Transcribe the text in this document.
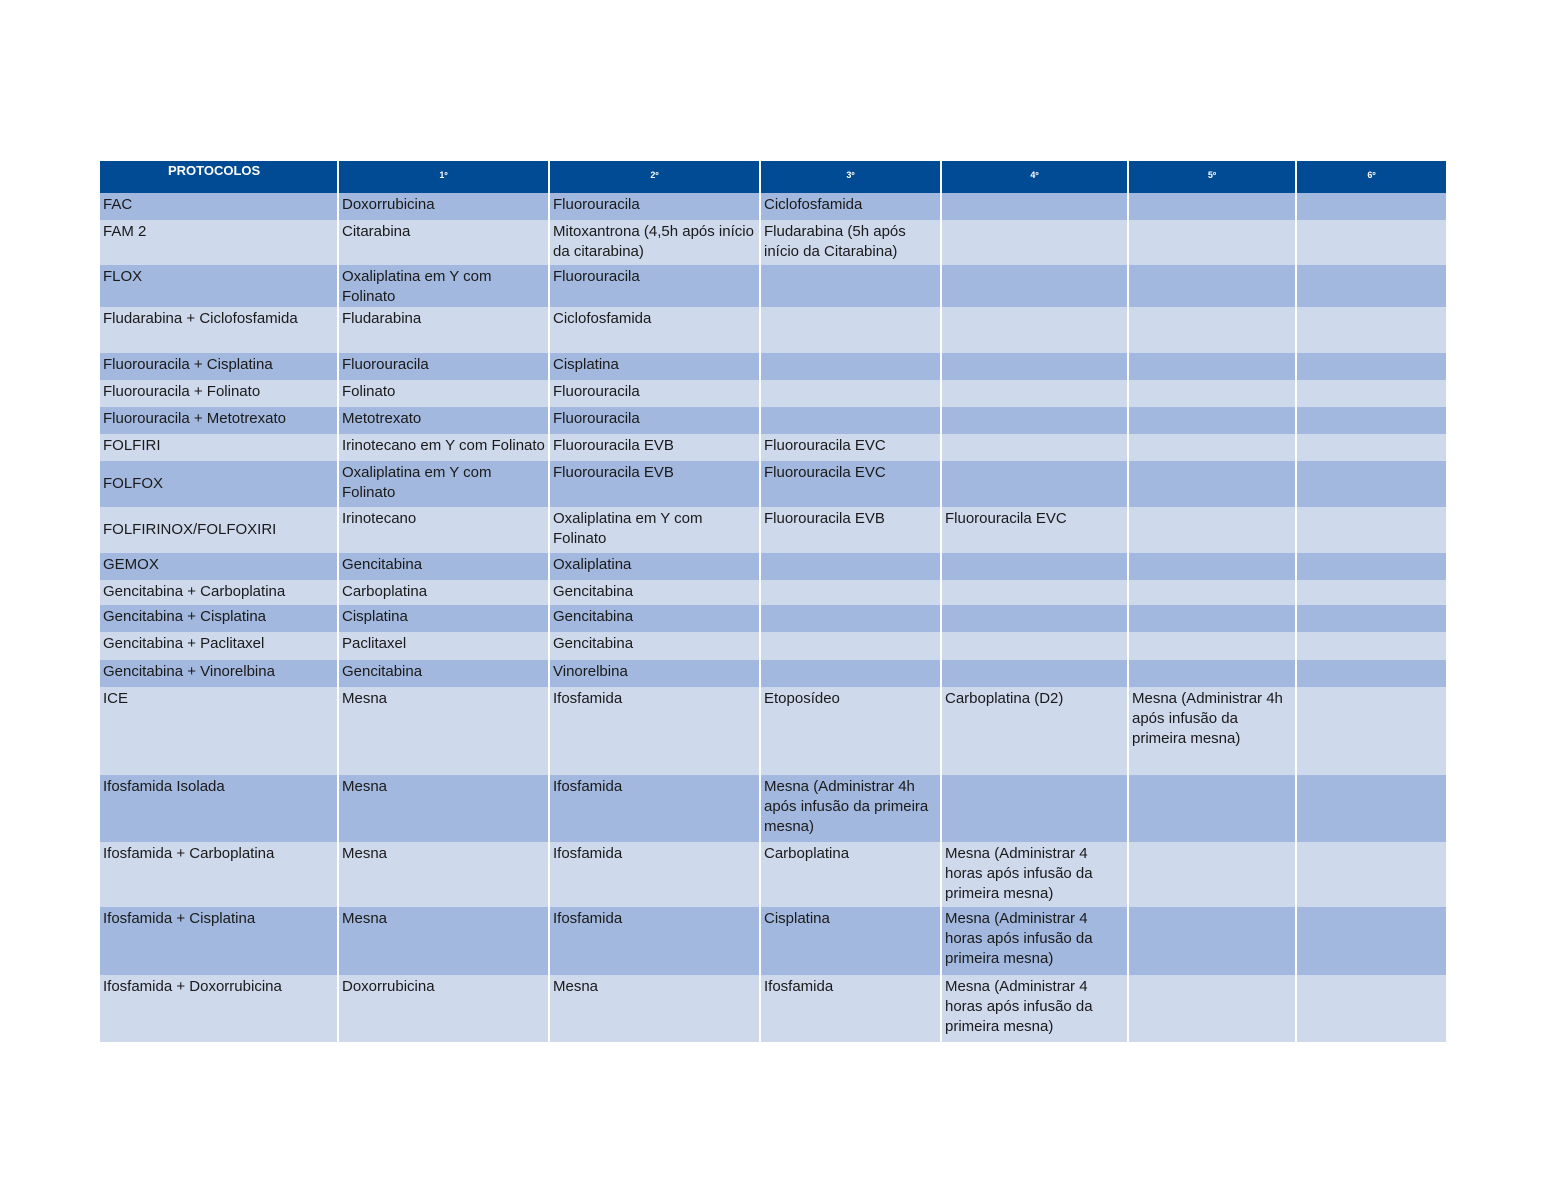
PROTOCOLOS	1º	2º	3º	4º	5º	6º

FAC	Doxorrubicina	Fluorouracila	Ciclofosfamida			

FAM 2	Citarabina	Mitoxantrona (4,5h após início da citarabina)	Fludarabina (5h após início da Citarabina)			

FLOX	Oxaliplatina em Y com Folinato	Fluorouracila				

Fludarabina + Ciclofosfamida	Fludarabina	Ciclofosfamida				

Fluorouracila + Cisplatina	Fluorouracila	Cisplatina				

Fluorouracila + Folinato	Folinato	Fluorouracila				

Fluorouracila + Metotrexato	Metotrexato	Fluorouracila				

FOLFIRI	Irinotecano em Y com Folinato	Fluorouracila EVB	Fluorouracila EVC			

FOLFOX	Oxaliplatina em Y com Folinato	Fluorouracila EVB	Fluorouracila EVC			

FOLFIRINOX/FOLFOXIRI	Irinotecano	Oxaliplatina em Y com Folinato	Fluorouracila EVB	Fluorouracila EVC		

GEMOX	Gencitabina	Oxaliplatina				

Gencitabina + Carboplatina	Carboplatina	Gencitabina				

Gencitabina + Cisplatina	Cisplatina	Gencitabina				

Gencitabina + Paclitaxel	Paclitaxel	Gencitabina				

Gencitabina + Vinorelbina	Gencitabina	Vinorelbina				

ICE	Mesna	Ifosfamida	Etoposídeo	Carboplatina (D2)	Mesna (Administrar 4h após infusão da primeira mesna)	

Ifosfamida Isolada	Mesna	Ifosfamida	Mesna (Administrar 4h após infusão da primeira mesna)			

Ifosfamida + Carboplatina	Mesna	Ifosfamida	Carboplatina	Mesna (Administrar 4 horas após infusão da primeira mesna)		

Ifosfamida + Cisplatina	Mesna	Ifosfamida	Cisplatina	Mesna (Administrar 4 horas após infusão da primeira mesna)		

Ifosfamida + Doxorrubicina	Doxorrubicina	Mesna	Ifosfamida	Mesna (Administrar 4 horas após infusão da primeira mesna)		
